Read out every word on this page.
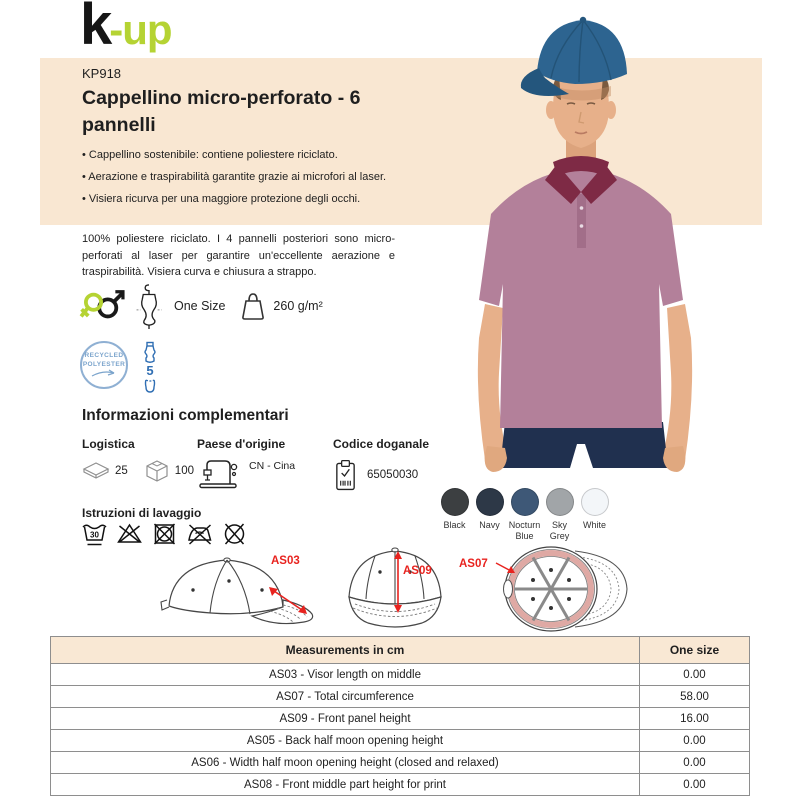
k -up
KP918
Cappellino micro-perforato - 6 pannelli
• Cappellino sostenibile: contiene poliestere riciclato.
• Aerazione e traspirabilità garantite grazie ai microfori al laser.
• Visiera ricurva per una maggiore protezione degli occhi.

100% poliestere riciclato. I 4 pannelli posteriori sono micro-perforati al laser per garantire un'eccellente aerazione e traspirabilità. Visiera curva e chiusura a strappo.

One Size	260 g/m²
RECYCLED
POLYESTER 5
Informazioni complementari
Logistica	Paese d'origine	Codice doganale
25	100	CN - Cina
65050030
Istruzioni di lavaggio
30
Black Navy Nocturn Blue
Sky Grey
White
AS03
AS09
AS07
Measurements in cm	One size
AS03 - Visor length on middle	0.00
AS07 - Total circumference	58.00
AS09 - Front panel height	16.00
AS05 - Back half moon opening height	0.00
AS06 - Width half moon opening height (closed and relaxed)	0.00
AS08 - Front middle part height for print	0.00
